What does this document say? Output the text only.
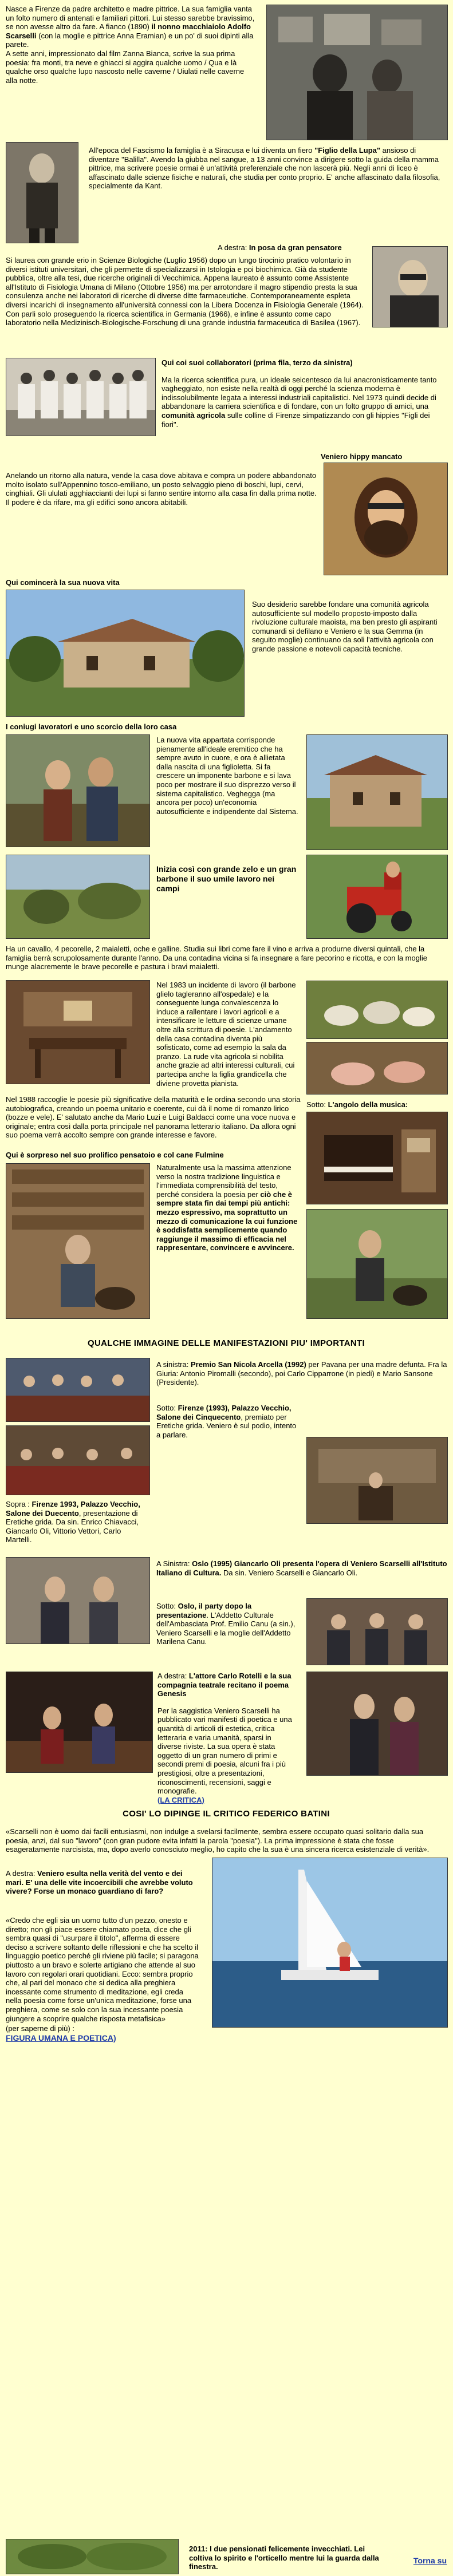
Nasce a Firenze da padre architetto e madre pittrice. La sua famiglia vanta un folto numero di antenati e familiari pittori. Lui stesso sarebbe bravissimo, se non avesse altro da fare. A fianco (1890) il nonno macchiaiolo Adolfo Scarselli (con la moglie e pittrice Anna Eramian) e un po' di suoi dipinti alla parete.

A sette anni, impressionato dal film Zanna Bianca, scrive la sua prima poesia: fra monti, tra neve e ghiacci si aggira qualche uomo / Qua e là qualche orso qualche lupo nascosto nelle caverne / Uiulati nelle caverne alla notte.

All'epoca del Fascismo la famiglia è a Siracusa e lui diventa un fiero "Figlio della Lupa" ansioso di diventare "Balilla". Avendo la giubba nel sangue, a 13 anni convince a dirigere sotto la guida della mamma pittrice, ma scrivere poesie ormai è un'attività preferenziale che non lascerà più. Negli anni di liceo è affascinato dalle scienze fisiche e naturali, che studia per conto proprio. E' anche affascinato dalla filosofia, specialmente da Kant.
A destra: In posa da gran pensatore

Si laurea con grande erio in Scienze Biologiche (Luglio 1956) dopo un lungo tirocinio pratico volontario in diversi istituti universitari, che gli permette di specializzarsi in Istologia e poi biochimica. Già da studente pubblica, oltre alla tesi, due ricerche originali di Vecchimica. Appena laureato è assunto come Assistente all'Istituto di Fisiologia Umana di Milano (Ottobre 1956) ma per arrotondare il magro stipendio presta la sua consulenza anche nei laboratori di ricerche di diverse ditte farmaceutiche. Contemporaneamente espleta diversi incarichi di insegnamento all'università connessi con la Libera Docenza in Fisiologia Generale (1964). Con parli solo proseguendo la ricerca scientifica in Germania (1966), e infine è assunto come capo laboratorio nella Medizinisch-Biologische-Forschung di una grande industria farmaceutica di Basilea (1967).

Qui coi suoi collaboratori (prima fila, terzo da sinistra)

Ma la ricerca scientifica pura, un ideale seicentesco da lui anacronisticamente tanto vagheggiato, non esiste nella realtà di oggi perché la scienza moderna è indissolubilmente legata a interessi industriali capitalistici. Nel 1973 quindi decide di abbandonare la carriera scientifica e di fondare, con un folto gruppo di amici, una comunità agricola sulle colline di Firenze simpatizzando con gli hippies "Figli dei fiori".

Veniero hippy mancato

Anelando un ritorno alla natura, vende la casa dove abitava e compra un podere abbandonato molto isolato sull'Appennino tosco-emiliano, un posto selvaggio pieno di boschi, lupi, cervi, cinghiali. Gli ululati agghiaccianti dei lupi si fanno sentire intorno alla casa fin dalla prima notte. Il podere è da rifare, ma gli edifici sono ancora abitabili.

Qui comincerà la sua nuova vita

Suo desiderio sarebbe fondare una comunità agricola autosufficiente sul modello proposto-imposto dalla rivoluzione culturale maoista, ma ben presto gli aspiranti comunardi si defilano e Veniero e la sua Gemma (in seguito moglie) continuano da soli l'attività agricola con grande passione e notevoli capacità tecniche.

I coniugi lavoratori e uno scorcio della loro casa

La nuova vita appartata corrisponde pienamente all'ideale eremitico che ha sempre avuto in cuore, e ora è allietata dalla nascita di una figlioletta. Si fa crescere un imponente barbone e si lava poco per mostrare il suo disprezzo verso il sistema capitalistico. Veghegga (ma ancora per poco) un'economia autosufficiente e indipendente dal Sistema.

Inizia così con grande zelo e un gran barbone il suo umile lavoro nei campi

Ha un cavallo, 4 pecorelle, 2 maialetti, oche e galline. Studia sui libri come fare il vino e arriva a produrne diversi quintali, che la famiglia berrà scrupolosamente durante l'anno. Da una contadina vicina si fa insegnare a fare pecorino e ricotta, e con la moglie munge alacremente le brave pecorelle e pastura i bravi maialetti.

Nel 1983 un incidente di lavoro (il barbone glielo tagleranno all'ospedale) e la conseguente lunga convalescenza lo induce a rallentare i lavori agricoli e a intensificare le letture di scienze umane oltre alla scrittura di poesie. L'andamento della casa contadina diventa più sofisticato, come ad esempio la sala da pranzo. La rude vita agricola si nobilita anche grazie ad altri interessi culturali, cui partecipa anche la figlia grandicella che diviene provetta pianista.

Nel 1988 raccoglie le poesie più significative della maturità e le ordina secondo una storia autobiografica, creando un poema unitario e coerente, cui dà il nome di romanzo lirico (bozze e vele). E' salutato anche da Mario Luzi e Luigi Baldacci come una voce nuova e originale; entra così dalla porta principale nel panorama letterario italiano. Da allora ogni suo poema verrà accolto sempre con grande interesse e favore.

Sotto: L'angolo della musica:
Qui è sorpreso nel suo prolifico pensatoio e col cane Fulmine
Naturalmente usa la massima attenzione verso la nostra tradizione linguistica e l'immediata comprensibilità del testo, perché considera la poesia per ciò che è sempre stata fin dai tempi più antichi: mezzo espressivo, ma soprattutto un mezzo di comunicazione la cui funzione è soddisfatta semplicemente quando raggiunge il massimo di efficacia nel rappresentare, convincere e avvincere.
QUALCHE IMMAGINE DELLE MANIFESTAZIONI PIU' IMPORTANTI
A sinistra: Premio San Nicola Arcella (1992) per Pavana per una madre defunta. Fra la Giuria: Antonio Piromalli (secondo), poi Carlo Cipparrone (in piedi) e Mario Sansone (Presidente).
Sotto: Firenze (1993), Palazzo Vecchio, Salone dei Cinquecento, premiato per Eretiche grida. Veniero è sul podio, intento a parlare.
Sopra : Firenze 1993, Palazzo Vecchio, Salone dei Duecento, presentazione di Eretiche grida. Da sin. Enrico Chiavacci, Giancarlo Oli, Vittorio Vettori, Carlo Martelli.
A Sinistra: Oslo (1995) Giancarlo Oli presenta l'opera di Veniero Scarselli all'Istituto Italiano di Cultura. Da sin. Veniero Scarselli e Giancarlo Oli.
Sotto: Oslo, il party dopo la presentazione. L'Addetto Culturale dell'Ambasciata Prof. Emilio Canu (a sin.), Veniero Scarselli e la moglie dell'Addetto Marilena Canu.
A destra: L'attore Carlo Rotelli e la sua compagnia teatrale recitano il poema Genesis

Per la saggistica Veniero Scarselli ha pubblicato vari manifesti di poetica e una quantità di articoli di estetica, critica letteraria e varia umanità, sparsi in diverse riviste. La sua opera è stata oggetto di un gran numero di primi e secondi premi di poesia, alcuni fra i più prestigiosi, oltre a presentazioni, riconoscimenti, recensioni, saggi e monografie.

(LA CRITICA)

COSI' LO DIPINGE IL CRITICO FEDERICO BATINI

«Scarselli non è uomo dai facili entusiasmi, non indulge a svelarsi facilmente, sembra essere occupato quasi solitario dalla sua poesia, anzi, dal suo "lavoro" (con gran pudore evita infatti la parola "poesia"). La prima impressione è stata che fosse esageratamente narcisista, ma, dopo averlo conosciuto meglio, ho capito che la sua è una sincera ricerca esistenziale di verità».

A destra: Veniero esulta nella verità del vento e dei mari. E' una delle vite incoercibili che avrebbe voluto vivere? Forse un monaco guardiano di faro?

«Credo che egli sia un uomo tutto d'un pezzo, onesto e diretto; non gli piace essere chiamato poeta, dice che gli sembra quasi di "usurpare il titolo", afferma di essere deciso a scrivere soltanto delle riflessioni e che ha scelto il linguaggio poetico perché gli riviene più facile; si paragona piuttosto a un bravo e solerte artigiano che attende al suo lavoro con regolari orari quotidiani. Ecco: sembra proprio che, al pari del monaco che si dedica alla preghiera incessante come strumento di meditazione, egli creda nella poesia come forse un'unica meditazione, forse una preghiera, come se solo con la sua incessante poesia giungere a scoprire qualche risposta metafisica»

(per saperne di più) :

FIGURA UMANA E POETICA)

2011: I due pensionati felicemente invecchiati. Lei coltiva lo spirito e l'orticello mentre lui la guarda dalla finestra.
Torna su
